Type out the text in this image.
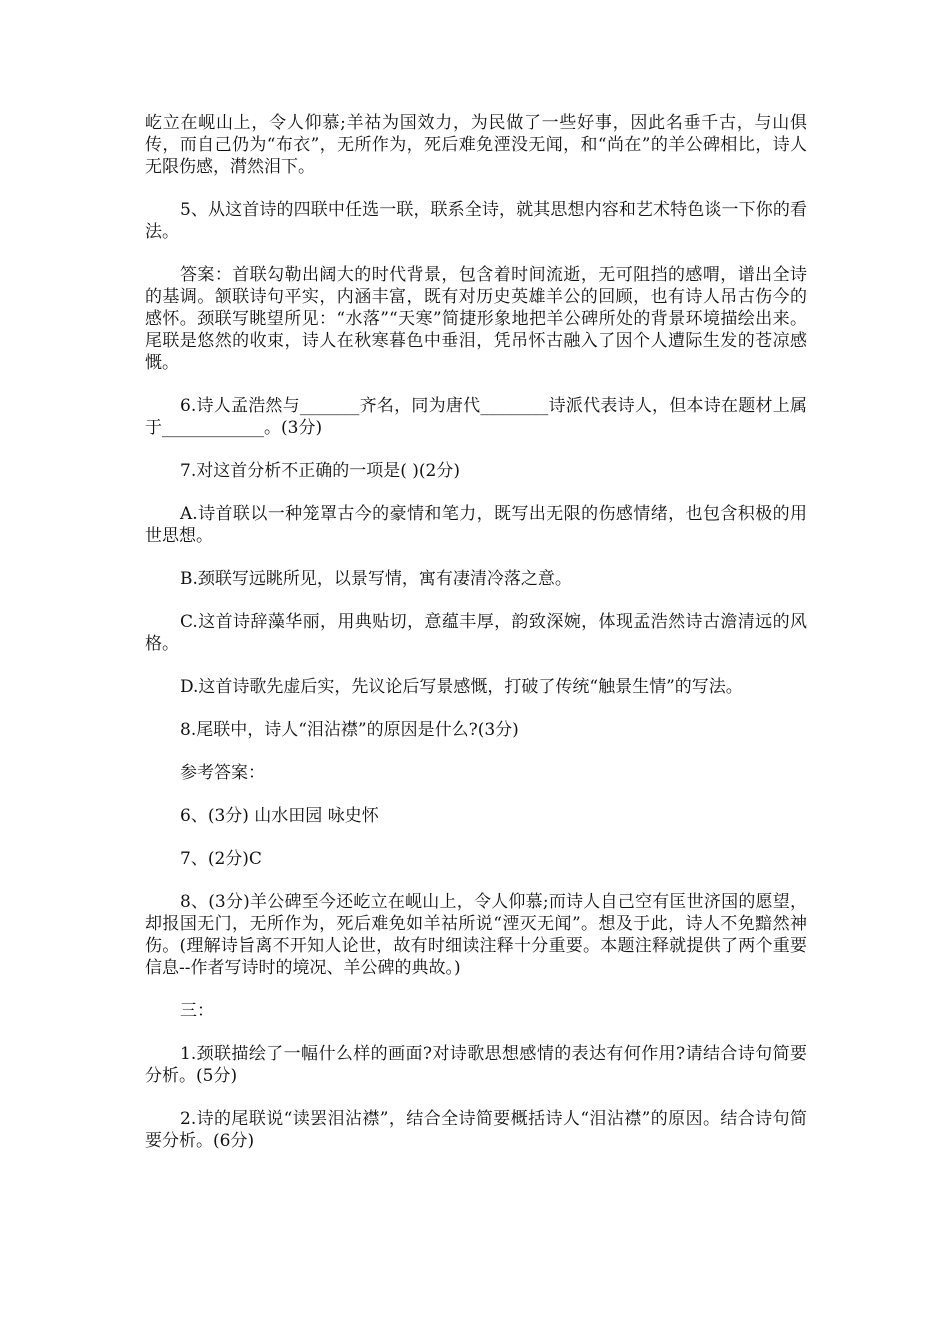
屹立在岘山上，令人仰慕;羊祜为国效力，为民做了一些好事，因此名垂千古，与山俱传，而自己仍为“布衣”，无所作为，死后难免湮没无闻，和“尚在”的羊公碑相比，诗人无限伤感，潸然泪下。

5、从这首诗的四联中任选一联，联系全诗，就其思想内容和艺术特色谈一下你的看法。

答案：首联勾勒出阔大的时代背景，包含着时间流逝，无可阻挡的感喟，谱出全诗的基调。颔联诗句平实，内涵丰富，既有对历史英雄羊公的回顾，也有诗人吊古伤今的感怀。颈联写眺望所见：“水落”“天寒”简捷形象地把羊公碑所处的背景环境描绘出来。尾联是悠然的收束，诗人在秋寒暮色中垂泪，凭吊怀古融入了因个人遭际生发的苍凉感慨。

6.诗人孟浩然与_______齐名，同为唐代________诗派代表诗人，但本诗在题材上属于____________。(3分)

7.对这首分析不正确的一项是( )(2分)

A.诗首联以一种笼罩古今的豪情和笔力，既写出无限的伤感情绪，也包含积极的用世思想。

B.颈联写远眺所见，以景写情，寓有凄清冷落之意。

C.这首诗辞藻华丽，用典贴切，意蕴丰厚，韵致深婉，体现孟浩然诗古澹清远的风格。

D.这首诗歌先虚后实，先议论后写景感慨，打破了传统“触景生情”的写法。

8.尾联中，诗人“泪沾襟”的原因是什么?(3分)

参考答案：

6、(3分) 山水田园 咏史怀

7、(2分)C

8、(3分)羊公碑至今还屹立在岘山上，令人仰慕;而诗人自己空有匡世济国的愿望，却报国无门，无所作为，死后难免如羊祜所说“湮灭无闻”。想及于此，诗人不免黯然神伤。(理解诗旨离不开知人论世，故有时细读注释十分重要。本题注释就提供了两个重要信息--作者写诗时的境况、羊公碑的典故。)

三：

1.颈联描绘了一幅什么样的画面?对诗歌思想感情的表达有何作用?请结合诗句简要分析。(5分)

2.诗的尾联说“读罢泪沾襟”，结合全诗简要概括诗人“泪沾襟”的原因。结合诗句简要分析。(6分)
